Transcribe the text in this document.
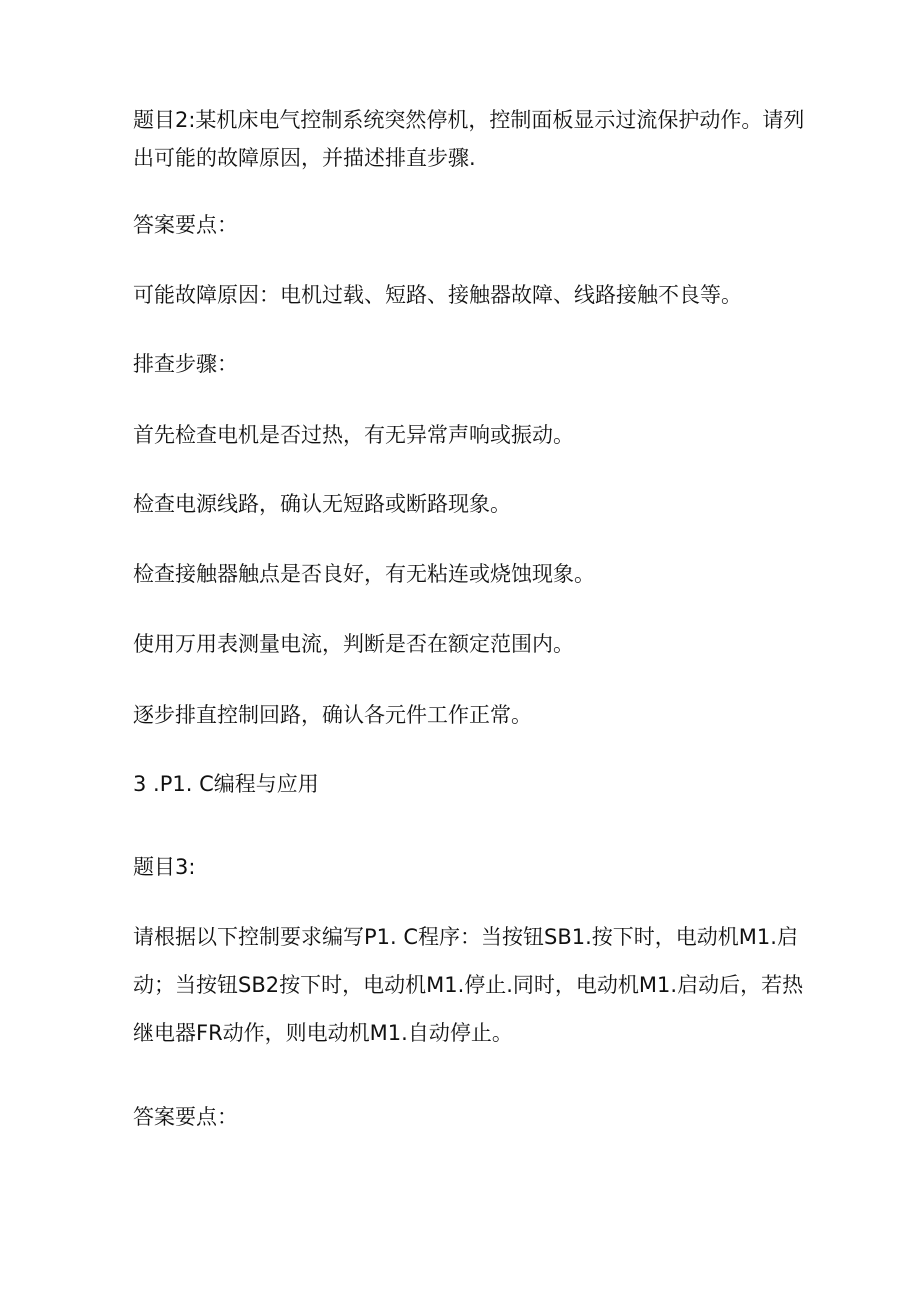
题目2:某机床电气控制系统突然停机，控制面板显示过流保护动作。请列

出可能的故障原因，并描述排直步骤.

答案要点：

可能故障原因：电机过载、短路、接触器故障、线路接触不良等。

排查步骤：

首先检查电机是否过热，有无异常声响或振动。

检查电源线路，确认无短路或断路现象。

检查接触器触点是否良好，有无粘连或烧蚀现象。

使用万用表测量电流，判断是否在额定范围内。

逐步排直控制回路，确认各元件工作正常。

3 .P1. C编程与应用

题目3:

请根据以下控制要求编写P1. C程序：当按钮SB1.按下时，电动机M1.启

动；当按钮SB2按下时，电动机M1.停止.同时，电动机M1.启动后，若热

继电器FR动作，则电动机M1.自动停止。

答案要点：
